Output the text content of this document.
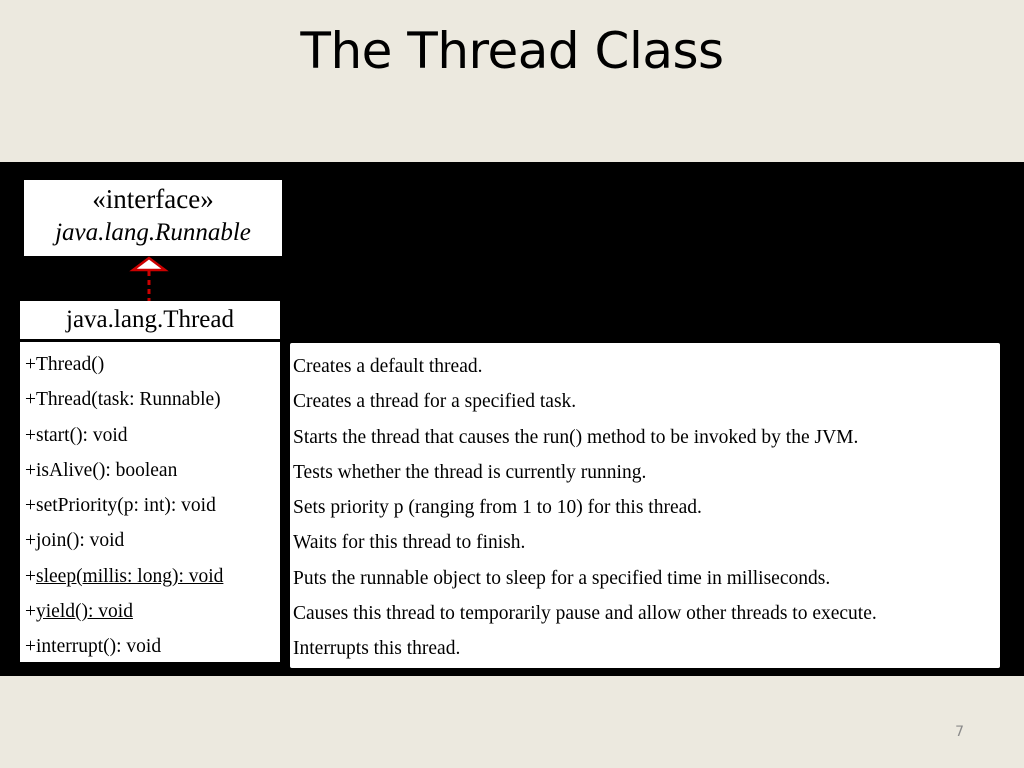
The Thread Class
«interface»
java.lang.Runnable
java.lang.Thread
+Thread()
+Thread(task: Runnable)
+start(): void
+isAlive(): boolean
+setPriority(p: int): void
+join(): void
+sleep(millis: long): void
+yield(): void
+interrupt(): void
Creates a default thread.
Creates a thread for a specified task.
Starts the thread that causes the run() method to be invoked by the JVM.
Tests whether the thread is currently running.
Sets priority p (ranging from 1 to 10) for this thread.
Waits for this thread to finish.
Puts the runnable object to sleep for a specified time in milliseconds.
Causes this thread to temporarily pause and allow other threads to execute.
Interrupts this thread.
7
